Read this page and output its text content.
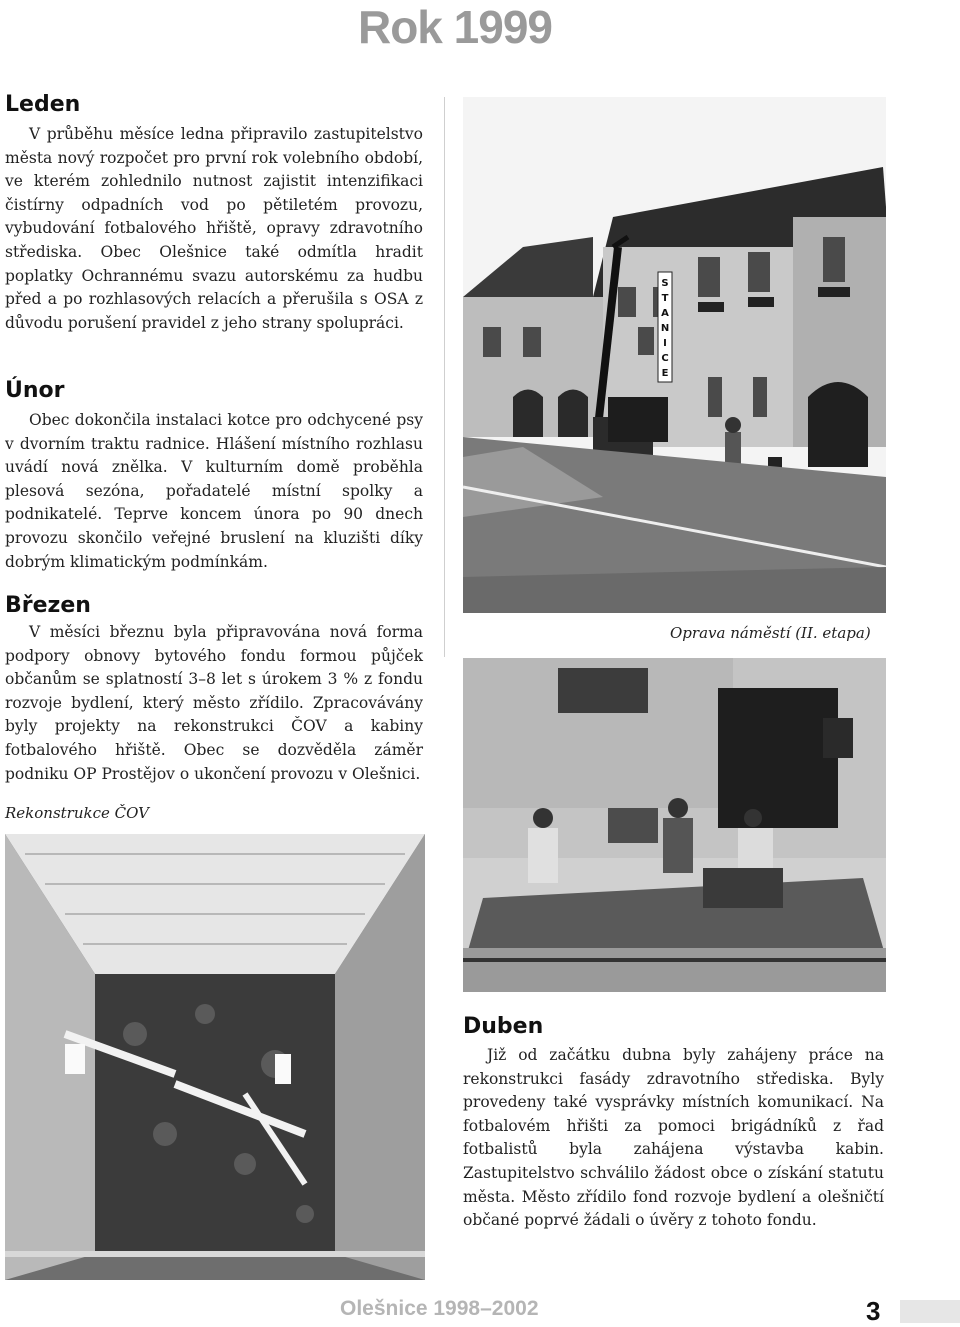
Rok 1999
Leden

V průběhu měsíce ledna připravilo zastupitelstvo města nový rozpočet pro první rok volebního období, ve kterém zohlednilo nutnost zajistit intenzifikaci čistírny odpadních vod po pětiletém provozu, vybudování fotbalového hřiště, opravy zdravotního střediska. Obec Olešnice také odmítla hradit poplatky Ochrannému svazu autorskému za hudbu před a po rozhlasových relacích a přerušila s OSA z důvodu porušení pravidel z jeho strany spolupráci.

Únor

Obec dokončila instalaci kotce pro odchycené psy v dvorním traktu radnice. Hlášení místního rozhlasu uvádí nová znělka. V kulturním domě proběhla plesová sezóna, pořadatelé místní spolky a podnikatelé. Teprve koncem února po 90 dnech provozu skončilo veřejné bruslení na kluzišti díky dobrým klimatickým podmínkám.

Březen

V měsíci březnu byla připravována nová forma podpory obnovy bytového fondu formou půjček občanům se splatností 3–8 let s úrokem 3 % z fondu rozvoje bydlení, který město zřídilo. Zpracovávány byly projekty na rekonstrukci ČOV a kabiny fotbalového hřiště. Obec se dozvěděla záměr podniku OP Prostějov o ukončení provozu v Olešnici.

S
T
A
N
I
C
E

Oprava náměstí (II. etapa)

Rekonstrukce ČOV

Duben

Již od začátku dubna byly zahájeny práce na rekonstrukci fasády zdravotního střediska. Byly provedeny také vysprávky místních komunikací. Na fotbalovém hřišti za pomoci brigádníků z řad fotbalistů byla zahájena výstavba kabin. Zastupitelstvo schválilo žádost obce o získání statutu města. Město zřídilo fond rozvoje bydlení a olešničtí občané poprvé žádali o úvěry z tohoto fondu.

Olešnice 1998–2002	3
